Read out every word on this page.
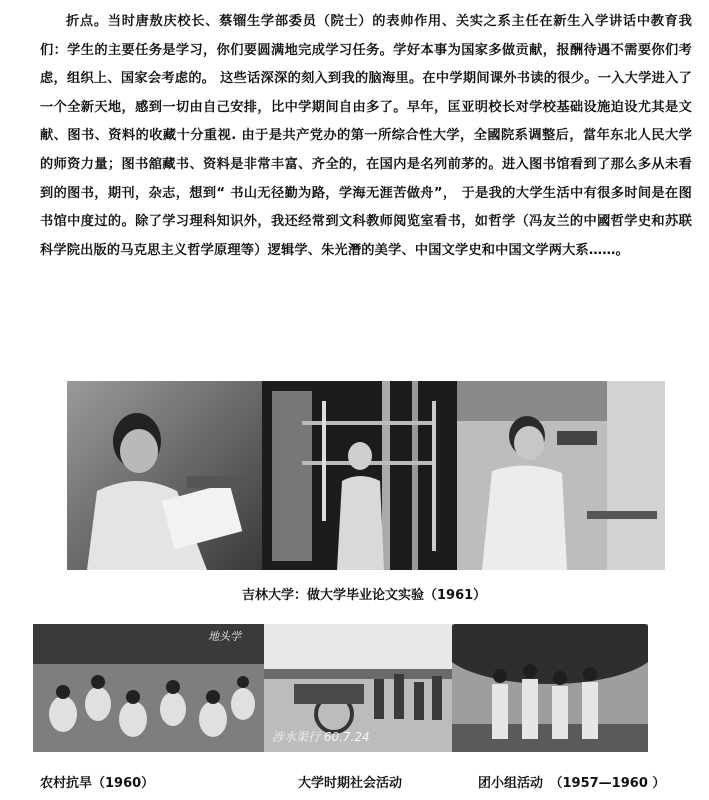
折点。当时唐敖庆校长、蔡镏生学部委员（院士）的表帅作用、关实之系主任在新生入学讲话中教育我们：学生的主要任务是学习，你们要圆满地完成学习任务。学好本事为国家多做贡献，报酬待遇不需要你们考虑，组织上、国家会考虑的。 这些话深深的刻入到我的脑海里。在中学期间课外书读的很少。一入大学进入了一个全新天地，感到一切由自己安排，比中学期间自由多了。早年，匡亚明校长对学校基础设施迫设尤其是文献、图书、资料的收藏十分重视. 由于是共产党办的第一所综合性大学，全國院系调整后，當年东北人民大学的师资力量；图书舘藏书、资料是非常丰富、齐全的，在国内是名列前茅的。进入图书馆看到了那么多从未看到的图书，期刊，杂志，想到“ 书山无径勤为路，学海无涯苦做舟”， 于是我的大学生活中有很多时间是在图书馆中度过的。除了学习理科知识外，我还经常到文科教师阅览室看书，如哲学（冯友兰的中國哲学史和苏联科学院出版的马克思主义哲学原理等）逻辑学、朱光潛的美学、中国文学史和中国文学两大系……。

吉林大学：做大学毕业论文实验（1961）
地头学
涉水渠行 60.7.24
农村抗旱（1960）	大学时期社会活动	团小组活动　（1957—1960 ）
